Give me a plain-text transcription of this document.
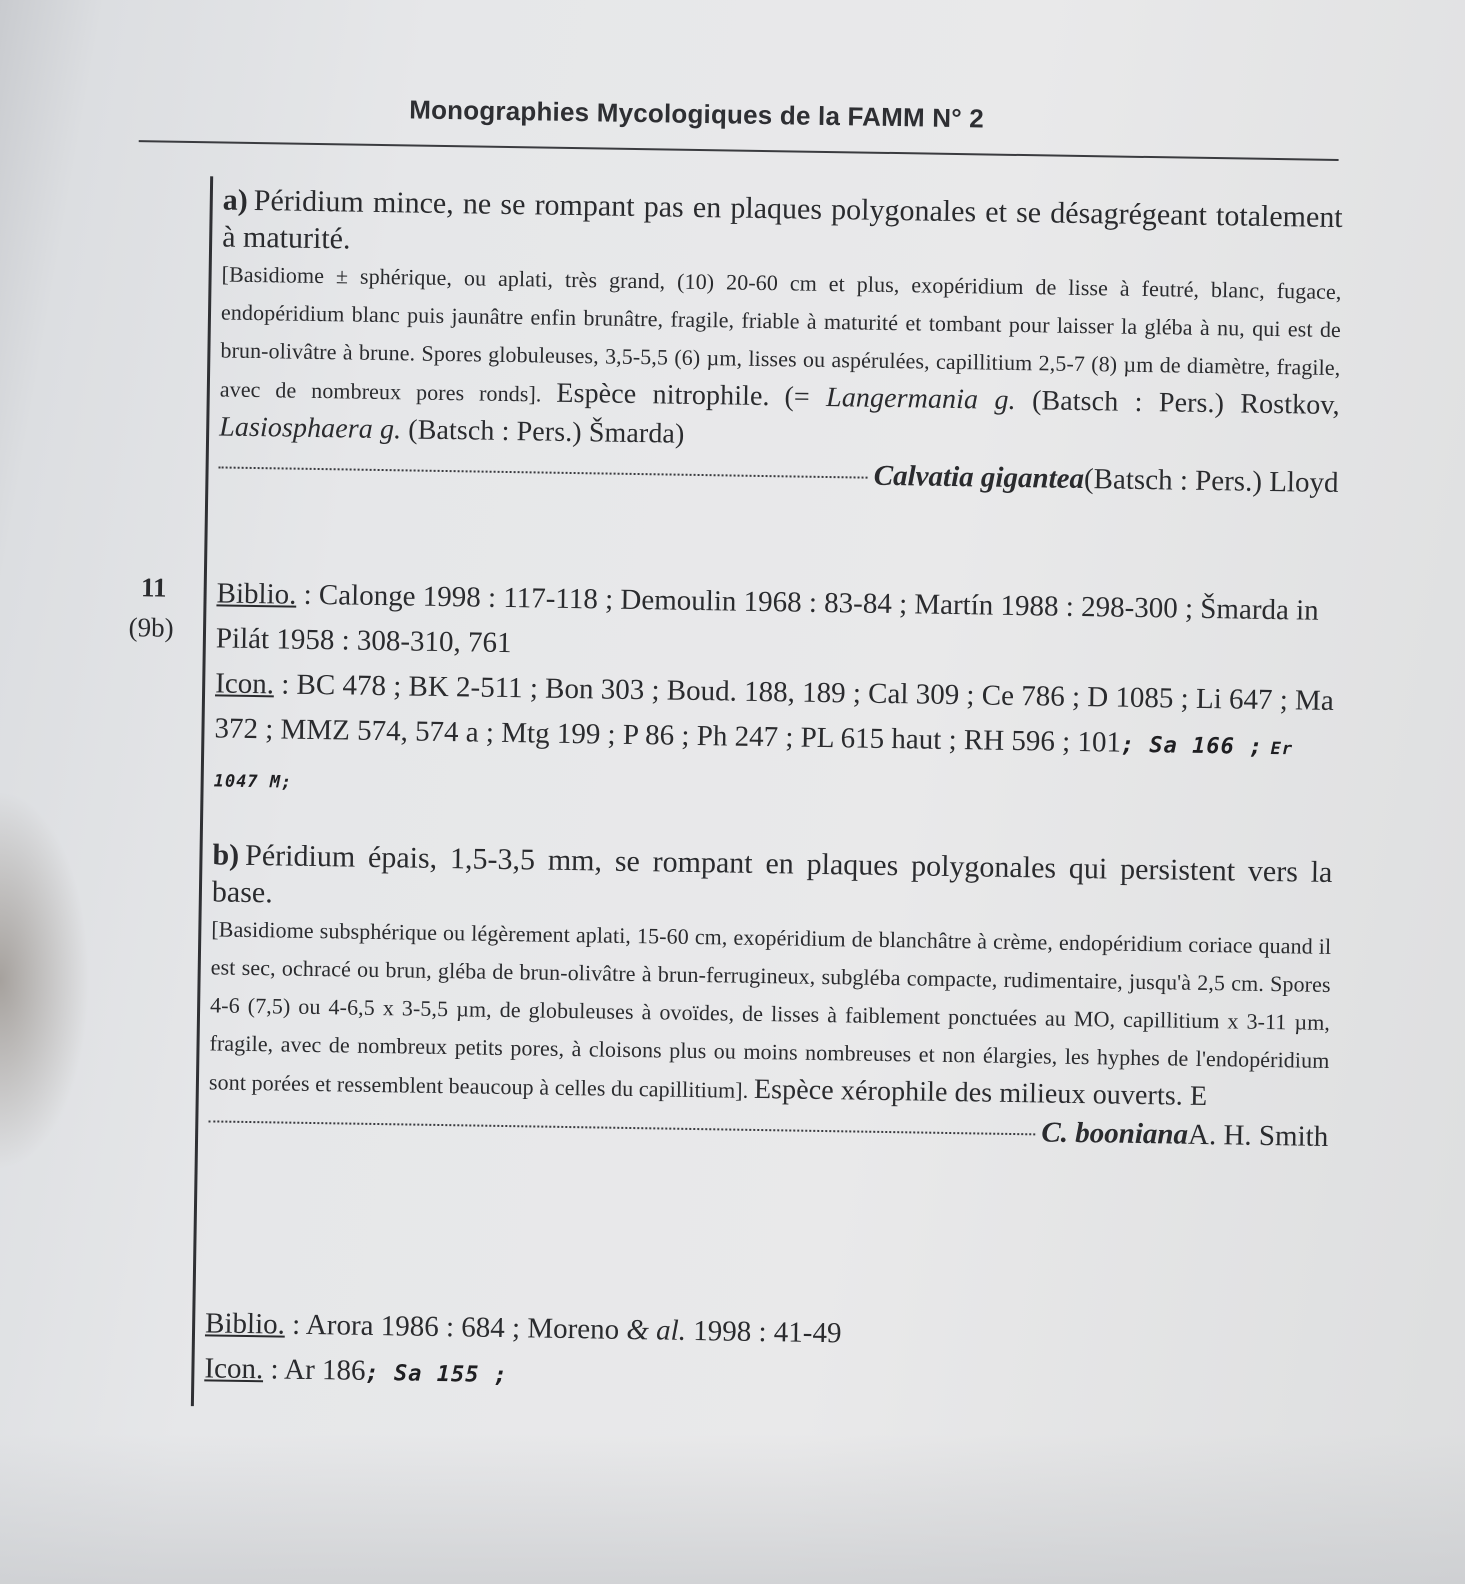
Monographies Mycologiques de la FAMM N° 2
11
(9b)

a) Péridium mince, ne se rompant pas en plaques polygonales et se désagrégeant totalement à maturité.

[Basidiome ± sphérique, ou aplati, très grand, (10) 20-60 cm et plus, exopéridium de lisse à feutré, blanc, fugace, endopéridium blanc puis jaunâtre enfin brunâtre, fragile, friable à maturité et tombant pour laisser la gléba à nu, qui est de brun-olivâtre à brune. Spores globuleuses, 3,5-5,5 (6) µm, lisses ou aspérulées, capillitium 2,5-7 (8) µm de diamètre, fragile, avec de nombreux pores ronds]. Espèce nitrophile. (= Langermania g. (Batsch : Pers.) Rostkov, Lasiosphaera g. (Batsch : Pers.) Šmarda)

Calvatia gigantea (Batsch : Pers.) Lloyd

Biblio. : Calonge 1998 : 117-118 ; Demoulin 1968 : 83-84 ; Martín 1988 : 298-300 ; Šmarda in Pilát 1958 : 308-310, 761

Icon. : BC 478 ; BK 2-511 ; Bon 303 ; Boud. 188, 189 ; Cal 309 ; Ce 786 ; D 1085 ; Li 647 ; Ma 372 ; MMZ 574, 574 a ; Mtg 199 ; P 86 ; Ph 247 ; PL 615 haut ; RH 596 ; 101; Sa 166 ; Er 1047 M;

b) Péridium épais, 1,5-3,5 mm, se rompant en plaques polygonales qui persistent vers la base.

[Basidiome subsphérique ou légèrement aplati, 15-60 cm, exopéridium de blanchâtre à crème, endopéridium coriace quand il est sec, ochracé ou brun, gléba de brun-olivâtre à brun-ferrugineux, subgléba compacte, rudimentaire, jusqu'à 2,5 cm. Spores 4-6 (7,5) ou 4-6,5 x 3-5,5 µm, de globuleuses à ovoïdes, de lisses à faiblement ponctuées au MO, capillitium x 3-11 µm, fragile, avec de nombreux petits pores, à cloisons plus ou moins nombreuses et non élargies, les hyphes de l'endopéridium sont porées et ressemblent beaucoup à celles du capillitium]. Espèce xérophile des milieux ouverts. E

C. booniana A. H. Smith

Biblio. : Arora 1986 : 684 ; Moreno & al. 1998 : 41-49

Icon. : Ar 186; Sa 155 ;
